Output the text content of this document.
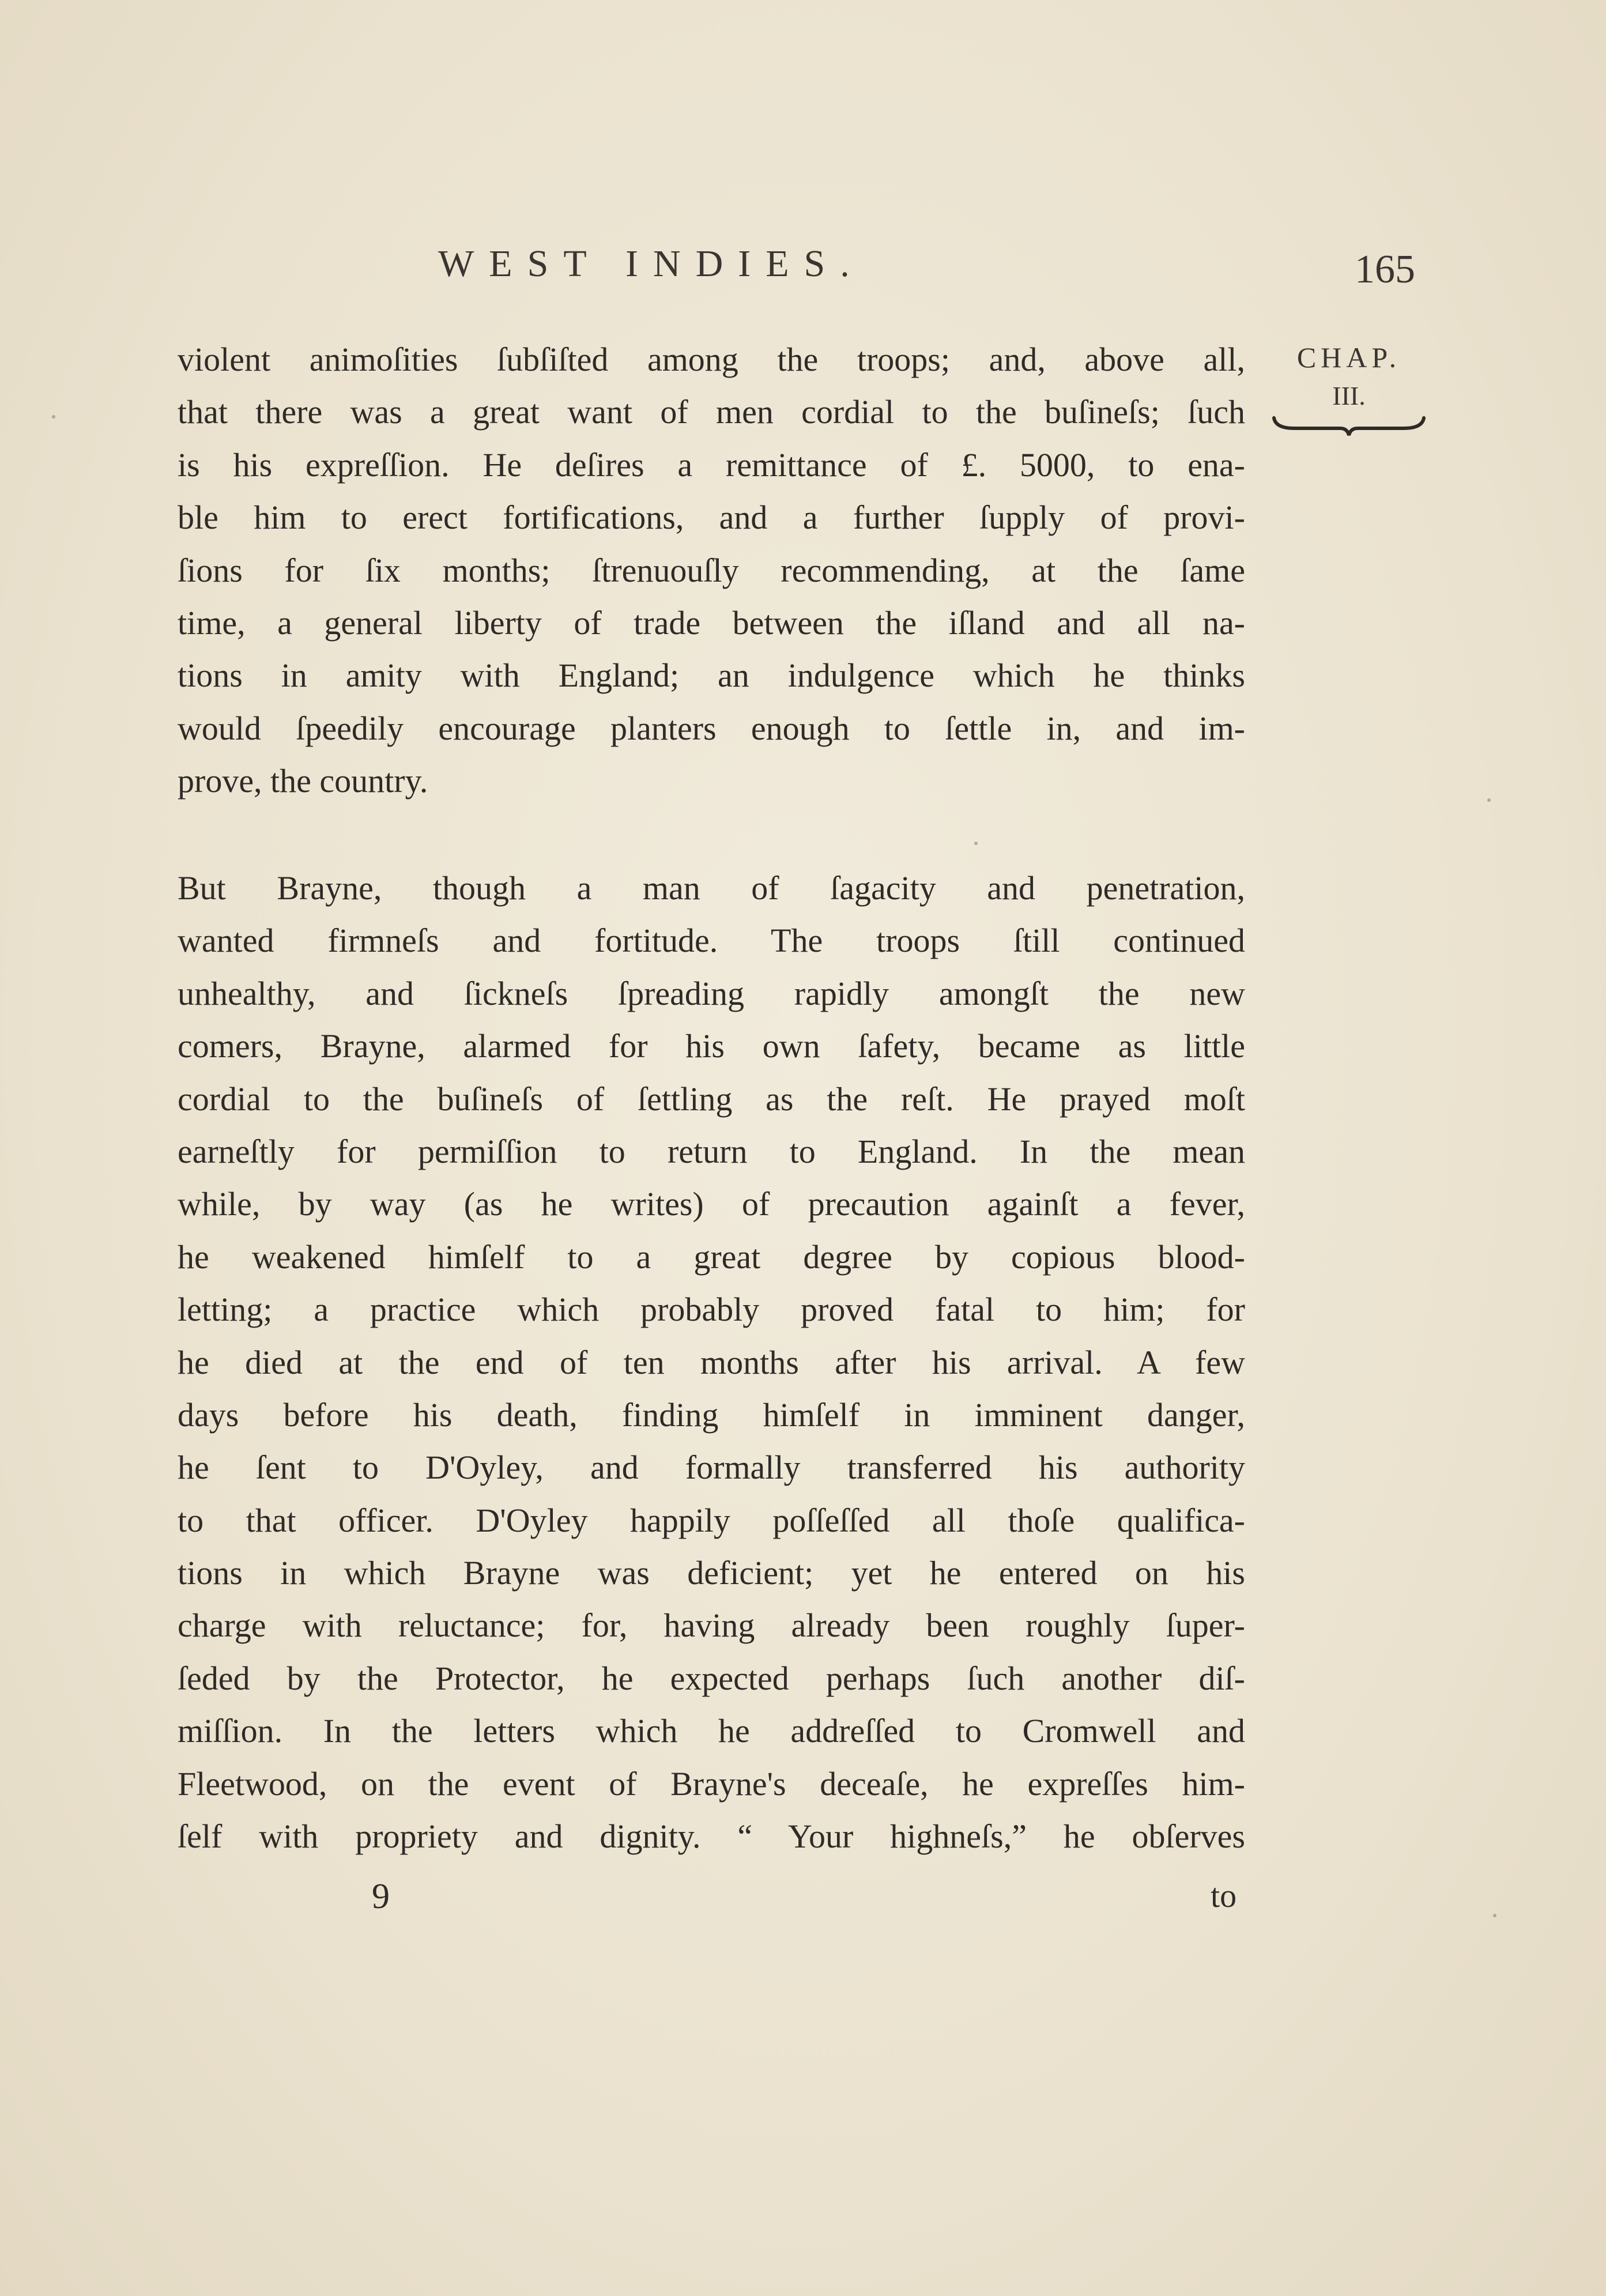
WEST INDIES.	165
CHAP.
III.
violent animoſities ſubſiſted among the troops; and, above all,
that there was a great want of men cordial to the buſineſs; ſuch
is his expreſſion. He deſires a remittance of £. 5000, to ena-
ble him to erect fortifications, and a further ſupply of provi-
ſions for ſix months; ſtrenuouſly recommending, at the ſame
time, a general liberty of trade between the iſland and all na-
tions in amity with England; an indulgence which he thinks
would ſpeedily encourage planters enough to ſettle in, and im-
prove, the country.
But Brayne, though a man of ſagacity and penetration,
wanted firmneſs and fortitude. The troops ſtill continued
unhealthy, and ſickneſs ſpreading rapidly amongſt the new
comers, Brayne, alarmed for his own ſafety, became as little
cordial to the buſineſs of ſettling as the reſt. He prayed moſt
earneſtly for permiſſion to return to England. In the mean
while, by way (as he writes) of precaution againſt a fever,
he weakened himſelf to a great degree by copious blood-
letting; a practice which probably proved fatal to him; for
he died at the end of ten months after his arrival. A few
days before his death, finding himſelf in imminent danger,
he ſent to D'Oyley, and formally transferred his authority
to that officer. D'Oyley happily poſſeſſed all thoſe qualifica-
tions in which Brayne was deficient; yet he entered on his
charge with reluctance; for, having already been roughly ſuper-
ſeded by the Protector, he expected perhaps ſuch another diſ-
miſſion. In the letters which he addreſſed to Cromwell and
Fleetwood, on the event of Brayne's deceaſe, he expreſſes him-
ſelf with propriety and dignity. “ Your highneſs,” he obſerves
9	to
